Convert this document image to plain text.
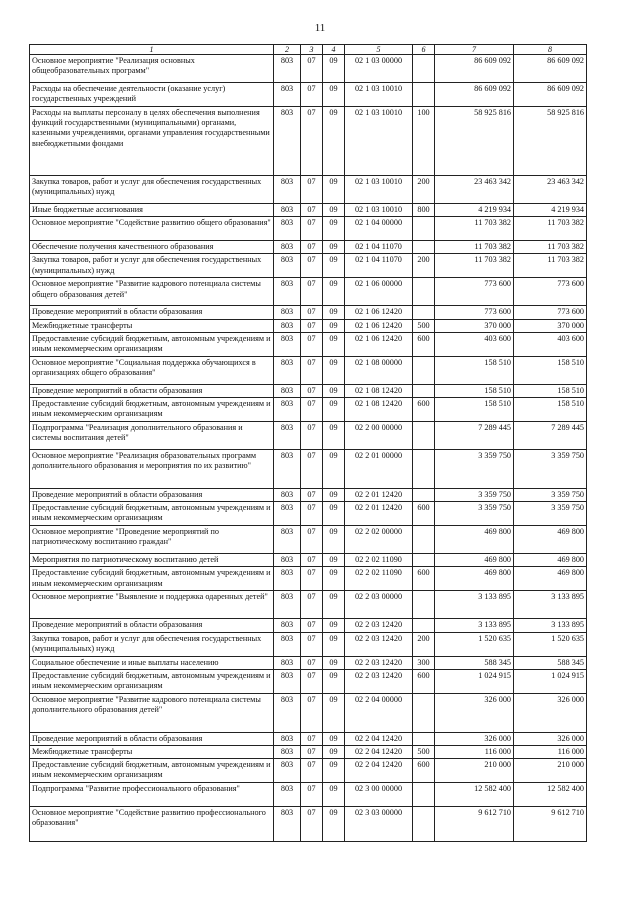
11
1	2	3	4	5	6	7	8
Основное мероприятие "Реализация основных общеобразовательных программ"	803	07	09	02 1 03 00000		86 609 092	86 609 092
Расходы на обеспечение деятельности (оказание услуг) государственных учреждений	803	07	09	02 1 03 10010		86 609 092	86 609 092
Расходы на выплаты персоналу в целях обеспечения выполнения функций государственными (муниципальными) органами, казенными учреждениями, органами управления государственными внебюджетными фондами	803	07	09	02 1 03 10010	100	58 925 816	58 925 816
Закупка товаров, работ и услуг для обеспечения государственных (муниципальных) нужд	803	07	09	02 1 03 10010	200	23 463 342	23 463 342
Иные бюджетные ассигнования	803	07	09	02 1 03 10010	800	4 219 934	4 219 934
Основное мероприятие "Содействие развитию общего образования"	803	07	09	02 1 04 00000		11 703 382	11 703 382
Обеспечение получения качественного образования	803	07	09	02 1 04 11070		11 703 382	11 703 382
Закупка товаров, работ и услуг для обеспечения государственных (муниципальных) нужд	803	07	09	02 1 04 11070	200	11 703 382	11 703 382
Основное мероприятие "Развитие кадрового потенциала системы общего образования детей"	803	07	09	02 1 06 00000		773 600	773 600
Проведение мероприятий в области образования	803	07	09	02 1 06 12420		773 600	773 600
Межбюджетные трансферты	803	07	09	02 1 06 12420	500	370 000	370 000
Предоставление субсидий бюджетным, автономным учреждениям и иным некоммерческим организациям	803	07	09	02 1 06 12420	600	403 600	403 600
Основное мероприятие "Социальная поддержка обучающихся в организациях общего образования"	803	07	09	02 1 08 00000		158 510	158 510
Проведение мероприятий в области образования	803	07	09	02 1 08 12420		158 510	158 510
Предоставление субсидий бюджетным, автономным учреждениям и иным некоммерческим организациям	803	07	09	02 1 08 12420	600	158 510	158 510
Подпрограмма "Реализация дополнительного образования и системы воспитания детей"	803	07	09	02 2 00 00000		7 289 445	7 289 445
Основное мероприятие "Реализация образовательных программ дополнительного образования и мероприятия по их развитию"	803	07	09	02 2 01 00000		3 359 750	3 359 750
Проведение мероприятий в области образования	803	07	09	02 2 01 12420		3 359 750	3 359 750
Предоставление субсидий бюджетным, автономным учреждениям и иным некоммерческим организациям	803	07	09	02 2 01 12420	600	3 359 750	3 359 750
Основное мероприятие "Проведение мероприятий по патриотическому воспитанию граждан"	803	07	09	02 2 02 00000		469 800	469 800
Мероприятия по патриотическому воспитанию детей	803	07	09	02 2 02 11090		469 800	469 800
Предоставление субсидий бюджетным, автономным учреждениям и иным некоммерческим организациям	803	07	09	02 2 02 11090	600	469 800	469 800
Основное мероприятие "Выявление и поддержка одаренных детей"	803	07	09	02 2 03 00000		3 133 895	3 133 895
Проведение мероприятий в области образования	803	07	09	02 2 03 12420		3 133 895	3 133 895
Закупка товаров, работ и услуг для обеспечения государственных (муниципальных) нужд	803	07	09	02 2 03 12420	200	1 520 635	1 520 635
Социальное обеспечение и иные выплаты населению	803	07	09	02 2 03 12420	300	588 345	588 345
Предоставление субсидий бюджетным, автономным учреждениям и иным некоммерческим организациям	803	07	09	02 2 03 12420	600	1 024 915	1 024 915
Основное мероприятие "Развитие кадрового потенциала системы дополнительного образования детей"	803	07	09	02 2 04 00000		326 000	326 000
Проведение мероприятий в области образования	803	07	09	02 2 04 12420		326 000	326 000
Межбюджетные трансферты	803	07	09	02 2 04 12420	500	116 000	116 000
Предоставление субсидий бюджетным, автономным учреждениям и иным некоммерческим организациям	803	07	09	02 2 04 12420	600	210 000	210 000
Подпрограмма "Развитие профессионального образования"	803	07	09	02 3 00 00000		12 582 400	12 582 400
Основное мероприятие "Содействие развитию профессионального образования"	803	07	09	02 3 03 00000		9 612 710	9 612 710
